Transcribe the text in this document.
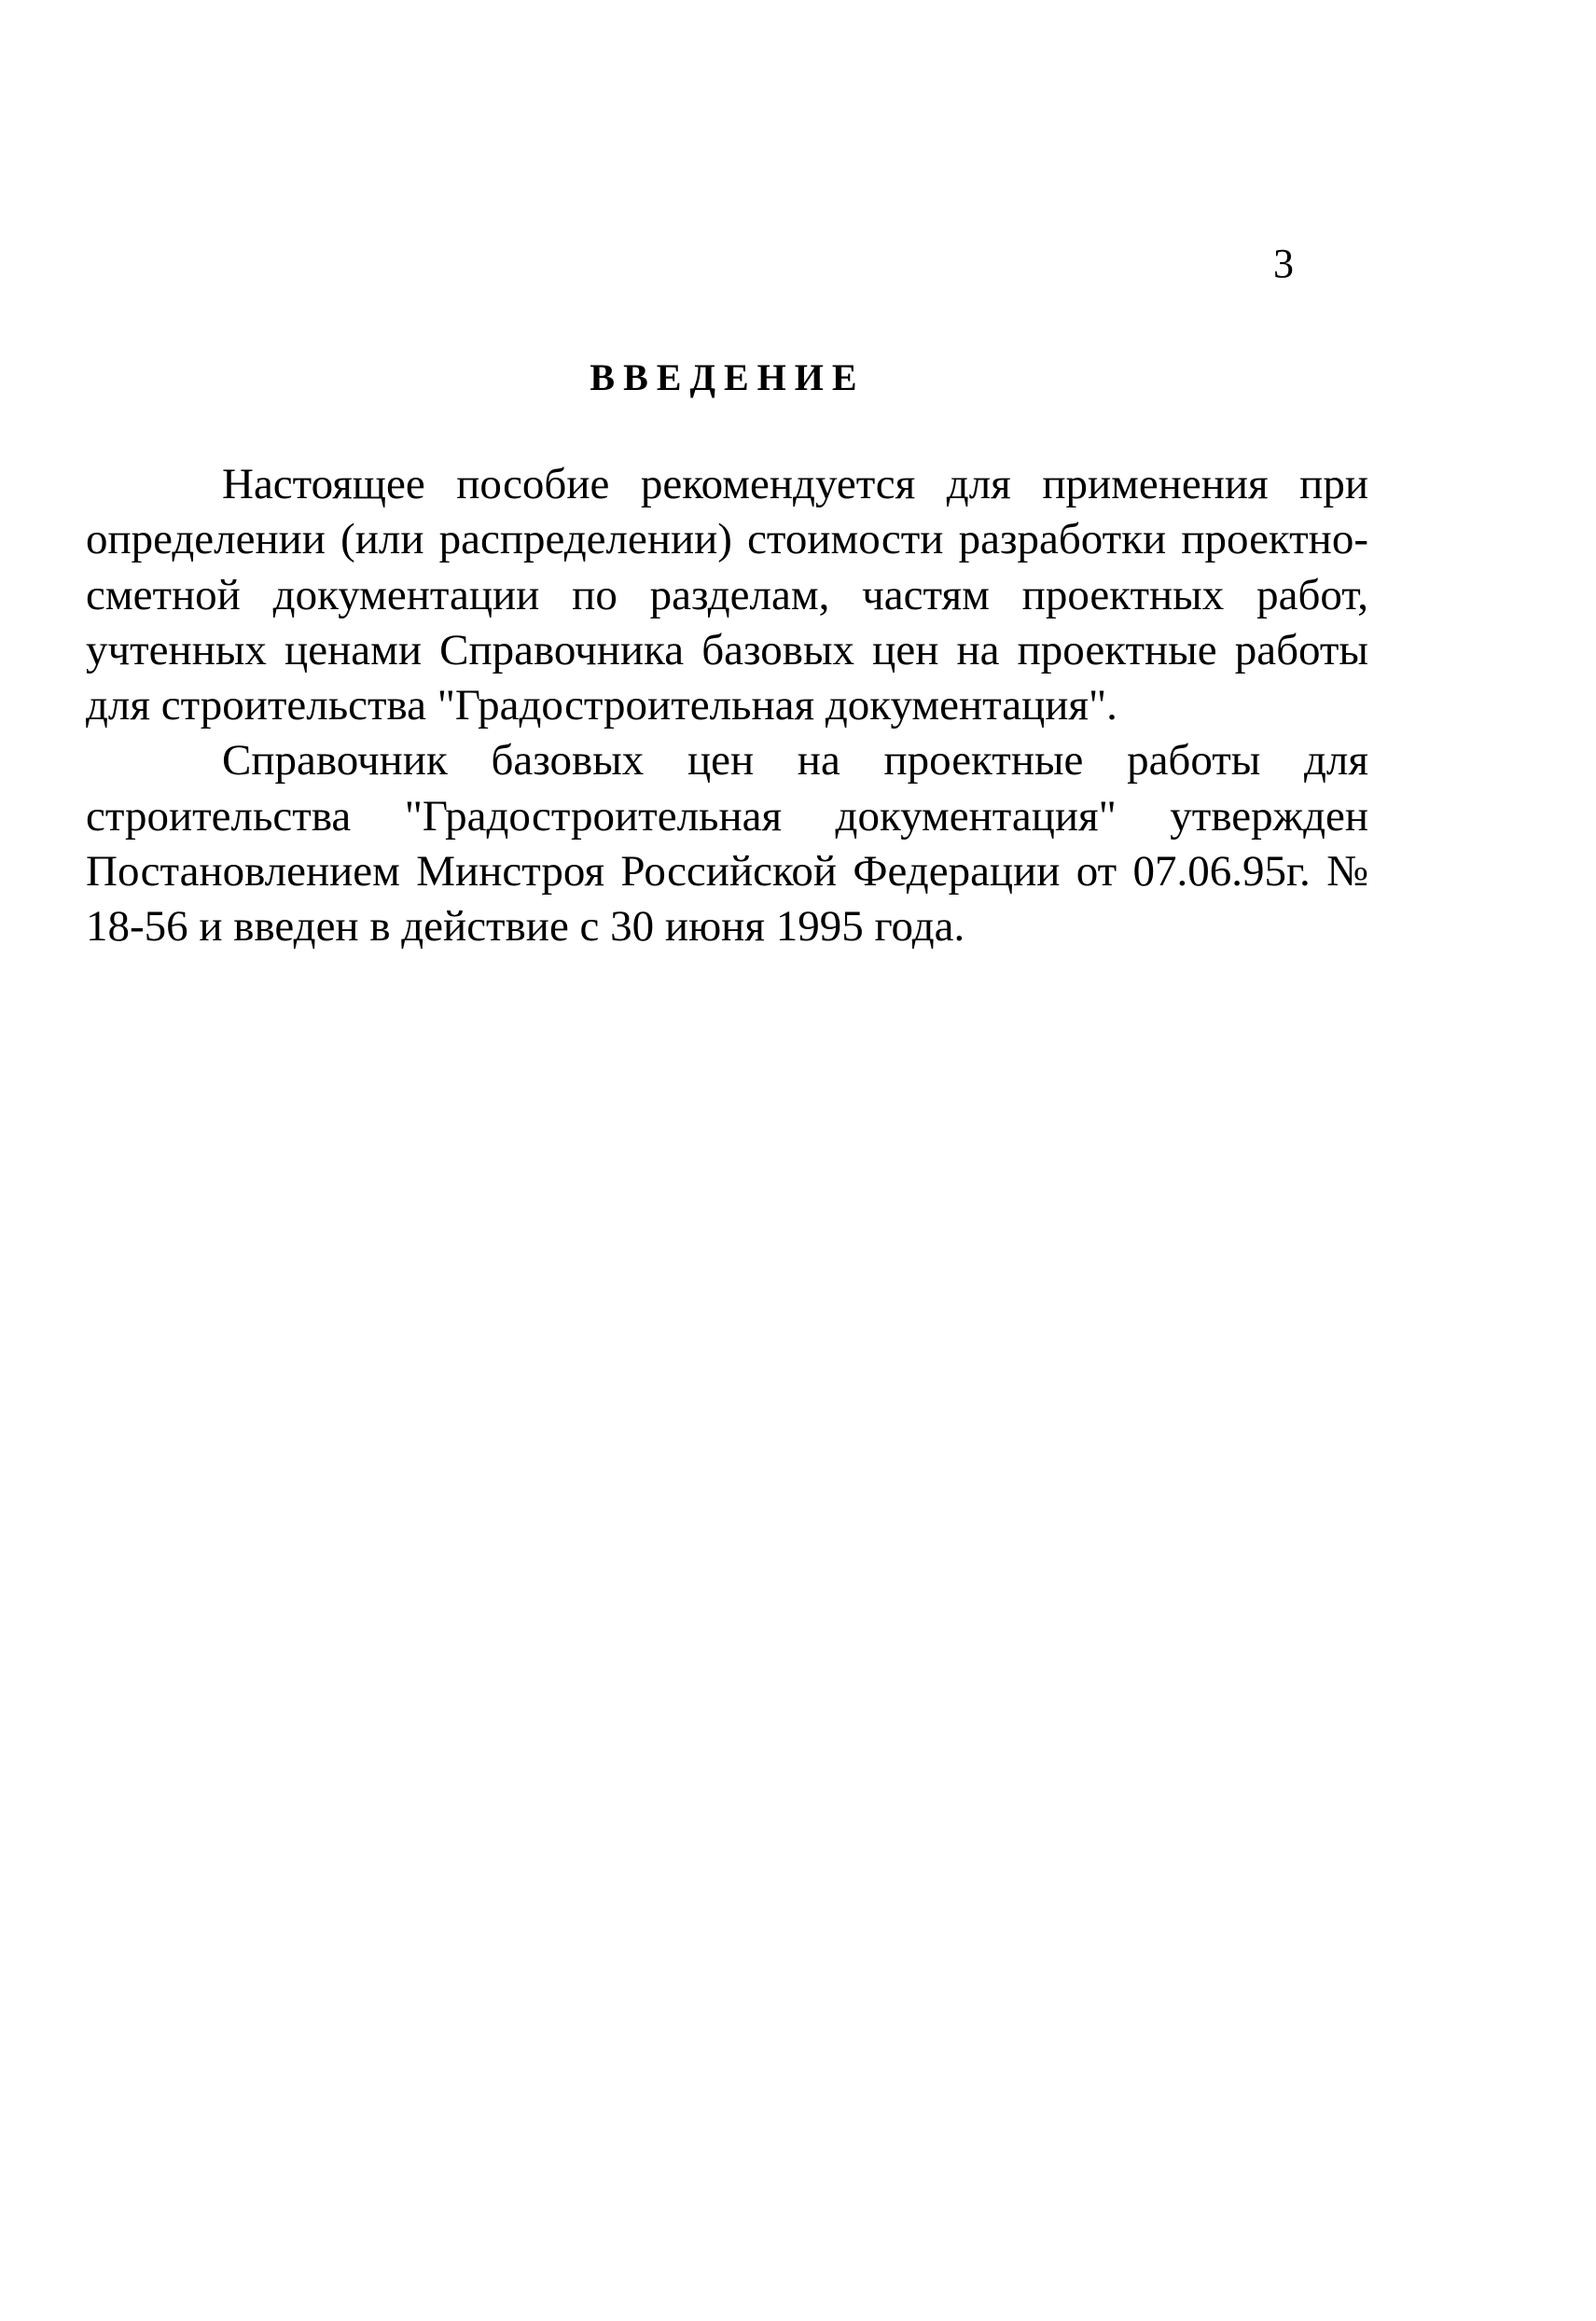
3
ВВЕДЕНИЕ

Настоящее пособие рекомендуется для применения при определении (или распределении) стоимости разработки проектно-сметной документации по разделам, частям проектных работ, учтенных ценами Справочника базовых цен на проектные работы для строительства "Градостроительная документация".

Справочник базовых цен на проектные работы для строительства "Градостроительная документация" утвержден Постановлением Минстроя Российской Федерации от 07.06.95г. № 18-56 и введен в действие с 30 июня 1995 года.
